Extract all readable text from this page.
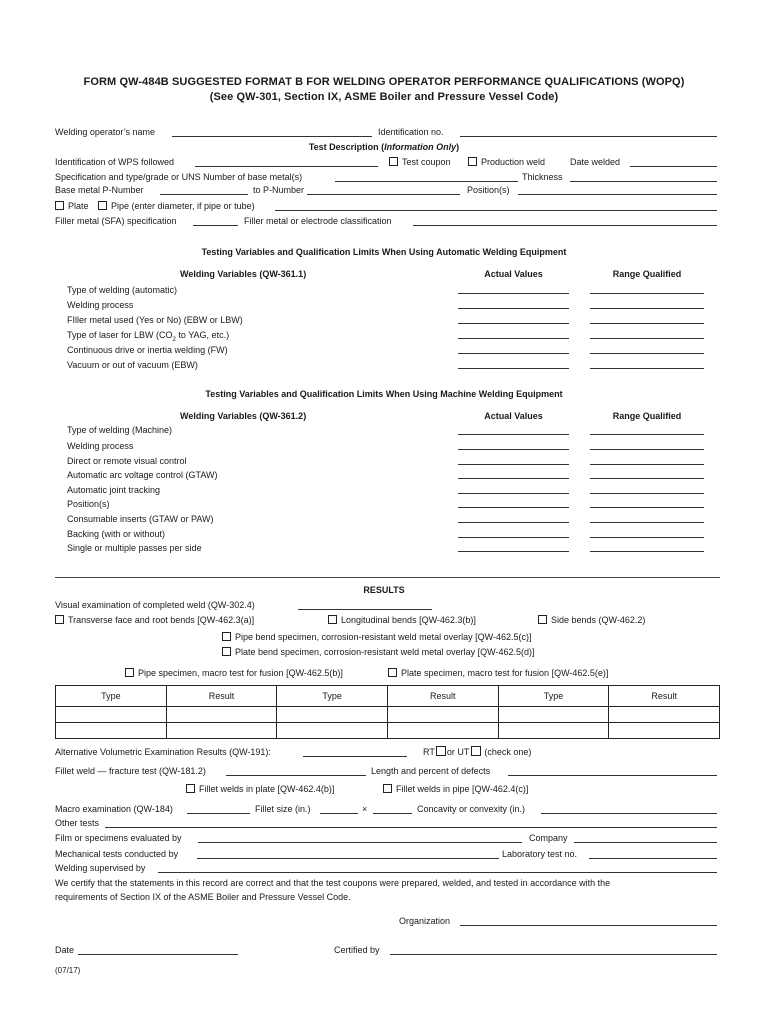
FORM QW-484B SUGGESTED FORMAT B FOR WELDING OPERATOR PERFORMANCE QUALIFICATIONS (WOPQ)
(See QW-301, Section IX, ASME Boiler and Pressure Vessel Code)
Welding operator’s name	Identification no.
Test Description (Information Only)
Identification of WPS followed	Test coupon	Production weld	Date welded
Specification and type/grade or UNS Number of base metal(s)	Thickness
Base metal P-Number	to P-Number	Position(s)
Plate	Pipe (enter diameter, if pipe or tube)
Filler metal (SFA) specification	Filler metal or electrode classification
Testing Variables and Qualification Limits When Using Automatic Welding Equipment
Welding Variables (QW-361.1)	Actual Values	Range Qualified
Type of welding (automatic)
Welding process
FIller metal used (Yes or No) (EBW or LBW)
Type of laser for LBW ($CO_2$ to YAG, etc.)
Continuous drive or inertia welding (FW)
Vacuum or out of vacuum (EBW)
Testing Variables and Qualification Limits When Using Machine Welding Equipment
Welding Variables (QW-361.2)	Actual Values	Range Qualified
Type of welding (Machine)
Welding process
Direct or remote visual control
Automatic arc voltage control (GTAW)
Automatic joint tracking
Position(s)
Consumable inserts (GTAW or PAW)
Backing (with or without)
Single or multiple passes per side
RESULTS
Visual examination of completed weld (QW-302.4)
Transverse face and root bends [QW-462.3(a)]	Longitudinal bends [QW-462.3(b)]	Side bends (QW-462.2)
Pipe bend specimen, corrosion-resistant weld metal overlay [QW-462.5(c)]
Plate bend specimen, corrosion-resistant weld metal overlay [QW-462.5(d)]
Pipe specimen, macro test for fusion [QW-462.5(b)]	Plate specimen, macro test for fusion [QW-462.5(e)]
Type	Result	Type	Result	Type	Result

Alternative Volumetric Examination Results (QW-191):	RT or UT (check one)
Fillet weld — fracture test (QW-181.2)	Length and percent of defects
Fillet welds in plate [QW-462.4(b)]	Fillet welds in pipe [QW-462.4(c)]
Macro examination (QW-184)	Fillet size (in.)	×	Concavity or convexity (in.)
Other tests
Film or specimens evaluated by	Company
Mechanical tests conducted by	Laboratory test no.
Welding supervised by
We certify that the statements in this record are correct and that the test coupons were prepared, welded, and tested in accordance with the
requirements of Section IX of the ASME Boiler and Pressure Vessel Code.
Organization
Date	Certified by
(07/17)
